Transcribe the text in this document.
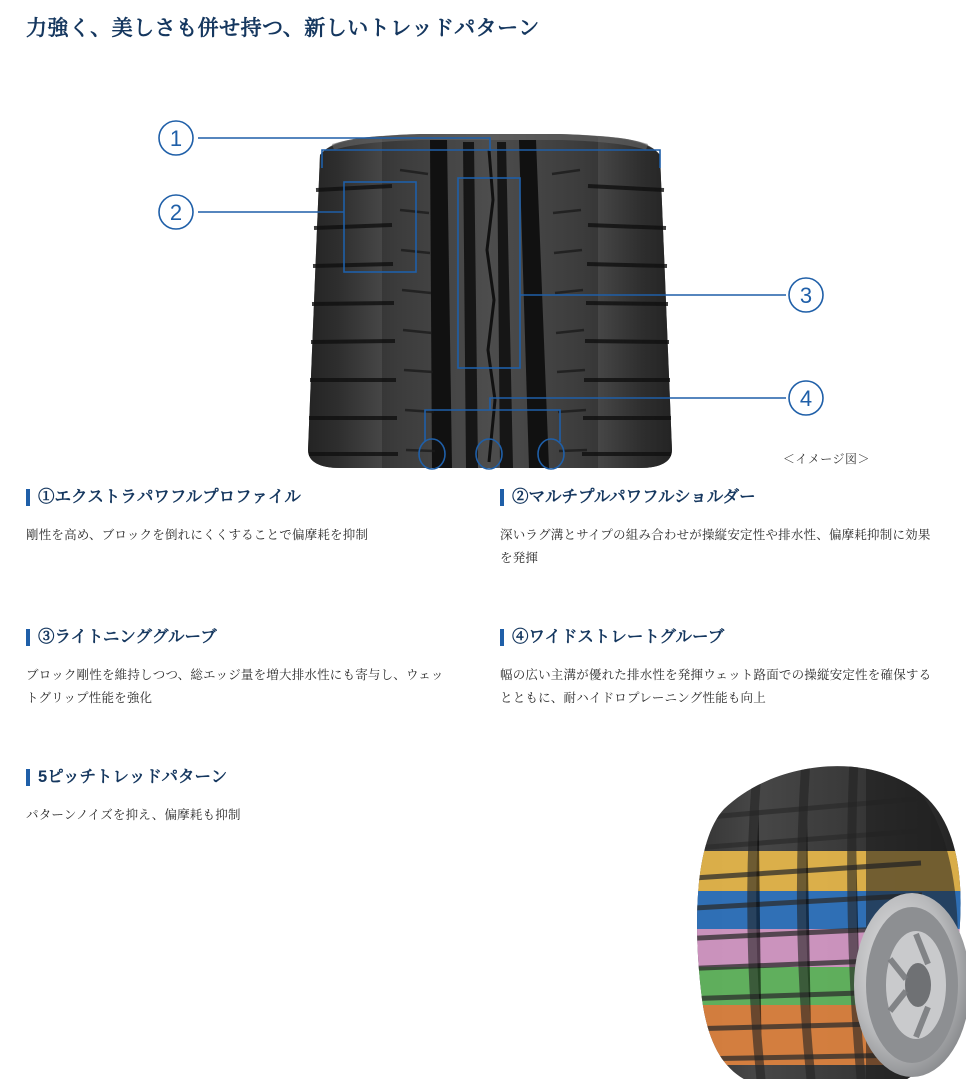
力強く、美しさも併せ持つ、新しいトレッドパターン
1
2
3
4
＜イメージ図＞
①エクストラパワフルプロファイル

剛性を高め、ブロックを倒れにくくすることで偏摩耗を抑制

②マルチプルパワフルショルダー

深いラグ溝とサイプの組み合わせが操縦安定性や排水性、偏摩耗抑制に効果を発揮

③ライトニンググルーブ

ブロック剛性を維持しつつ、総エッジ量を増大排水性にも寄与し、ウェットグリップ性能を強化

④ワイドストレートグルーブ

幅の広い主溝が優れた排水性を発揮ウェット路面での操縦安定性を確保するとともに、耐ハイドロプレーニング性能も向上

5ピッチトレッドパターン

パターンノイズを抑え、偏摩耗も抑制
